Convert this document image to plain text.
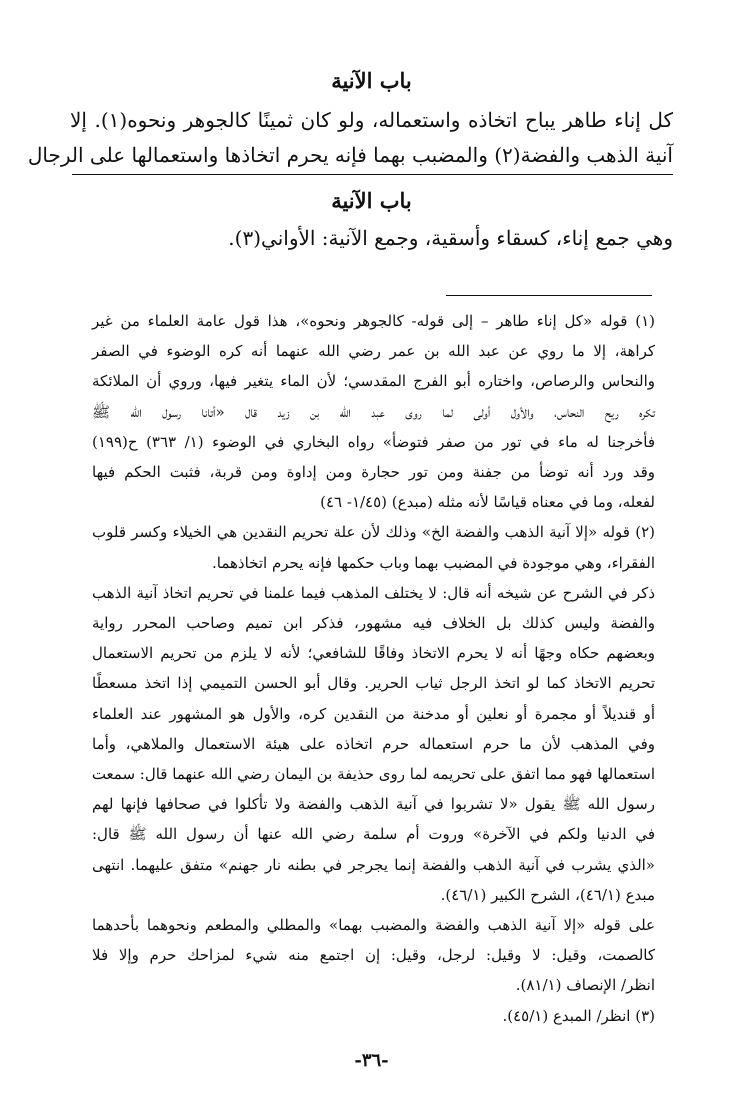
باب الآنية
كل إناء طاهر يباح اتخاذه واستعماله، ولو كان ثمينًا كالجوهر ونحوه(١). إلا
آنية الذهب والفضة(٢) والمضبب بهما فإنه يحرم اتخاذها واستعمالها على الرجال
باب الآنية
وهي جمع إناء، كسقاء وأسقية، وجمع الآنية: الأواني(٣).
(١) قوله «كل إناء طاهر – إلى قوله- كالجوهر ونحوه»، هذا قول عامة العلماء من غير
كراهة، إلا ما روي عن عبد الله بن عمر رضي الله عنهما أنه كره الوضوء في الصفر
والنحاس والرصاص، واختاره أبو الفرج المقدسي؛ لأن الماء يتغير فيها، وروي أن الملائكة
تكره ريح النحاس، والأول أولى لما روى عبد الله بن زيد قال «أتانا رسول الله ﷺ
فأخرجنا له ماء في تور من صفر فتوضأ» رواه البخاري في الوضوء (١/ ٣٦٣) ح(١٩٩)
وقد ورد أنه توضأ من جفنة ومن تور حجارة ومن إداوة ومن قربة، فثبت الحكم فيها
لفعله، وما في معناه قياسًا لأنه مثله (مبدع) (١/٤٥- ٤٦)
(٢) قوله «إلا آنية الذهب والفضة الخ» وذلك لأن علة تحريم النقدين هي الخيلاء وكسر قلوب
الفقراء، وهي موجودة في المضبب بهما وباب حكمها فإنه يحرم اتخاذهما.
ذكر في الشرح عن شيخه أنه قال: لا يختلف المذهب فيما علمنا في تحريم اتخاذ آنية الذهب
والفضة وليس كذلك بل الخلاف فيه مشهور، فذكر ابن تميم وصاحب المحرر رواية
وبعضهم حكاه وجهًا أنه لا يحرم الاتخاذ وفاقًا للشافعي؛ لأنه لا يلزم من تحريم الاستعمال
تحريم الاتخاذ كما لو اتخذ الرجل ثياب الحرير. وقال أبو الحسن التميمي إذا اتخذ مسعطًا
أو قنديلاً أو مجمرة أو نعلين أو مدخنة من النقدين كره، والأول هو المشهور عند العلماء
وفي المذهب لأن ما حرم استعماله حرم اتخاذه على هيئة الاستعمال والملاهي، وأما
استعمالها فهو مما اتفق على تحريمه لما روى حذيفة بن اليمان رضي الله عنهما قال: سمعت
رسول الله ﷺ يقول «لا تشربوا في آنية الذهب والفضة ولا تأكلوا في صحافها فإنها لهم
في الدنيا ولكم في الآخرة» وروت أم سلمة رضي الله عنها أن رسول الله ﷺ قال:
«الذي يشرب في آنية الذهب والفضة إنما يجرجر في بطنه نار جهنم» متفق عليهما. انتهى
مبدع (٤٦/١)، الشرح الكبير (٤٦/١).
على قوله «إلا آنية الذهب والفضة والمضبب بهما» والمطلي والمطعم ونحوهما بأحدهما
كالصمت، وقيل: لا وقيل: لرجل، وقيل: إن اجتمع منه شيء لمزاحك حرم وإلا فلا
انظر/ الإنصاف (٨١/١).
(٣) انظر/ المبدع (٤٥/١).
-٣٦-
